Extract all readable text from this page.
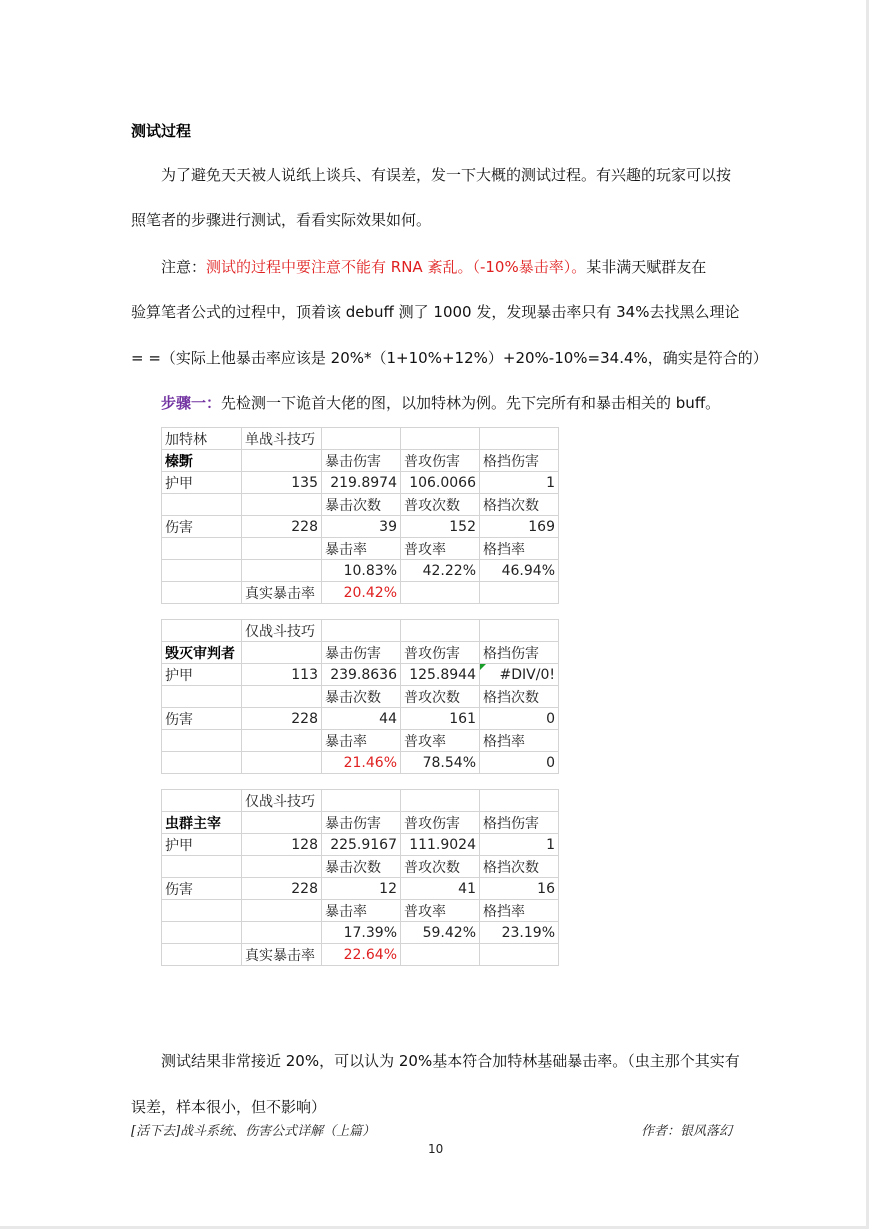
测试过程
为了避免天天被人说纸上谈兵、有误差，发一下大概的测试过程。有兴趣的玩家可以按
照笔者的步骤进行测试，看看实际效果如何。
注意：测试的过程中要注意不能有 RNA 紊乱。（-10%暴击率）。某非满天赋群友在
验算笔者公式的过程中，顶着该 debuff 测了 1000 发，发现暴击率只有 34%去找黑么理论
= =（实际上他暴击率应该是 20%*（1+10%+12%）+20%-10%=34.4%，确实是符合的）
步骤一：先检测一下诡首大佬的图，以加特林为例。先下完所有和暴击相关的 buff。
加特林	单战斗技巧			
榛斲		暴击伤害	普攻伤害	格挡伤害
护甲	135	219.8974	106.0066	1
		暴击次数	普攻次数	格挡次数
伤害	228	39	152	169
		暴击率	普攻率	格挡率
		10.83%	42.22%	46.94%
	真实暴击率	20.42%		

	仅战斗技巧			
毁灭审判者		暴击伤害	普攻伤害	格挡伤害
护甲	113	239.8636	125.8944	#DIV/0!
		暴击次数	普攻次数	格挡次数
伤害	228	44	161	0
		暴击率	普攻率	格挡率
		21.46%	78.54%	0

	仅战斗技巧			
虫群主宰		暴击伤害	普攻伤害	格挡伤害
护甲	128	225.9167	111.9024	1
		暴击次数	普攻次数	格挡次数
伤害	228	12	41	16
		暴击率	普攻率	格挡率
		17.39%	59.42%	23.19%
	真实暴击率	22.64%		
测试结果非常接近 20%，可以认为 20%基本符合加特林基础暴击率。（虫主那个其实有
误差，样本很小，但不影响）
[活下去]战斗系统、伤害公式详解（上篇）	作者：银风落幻
10
